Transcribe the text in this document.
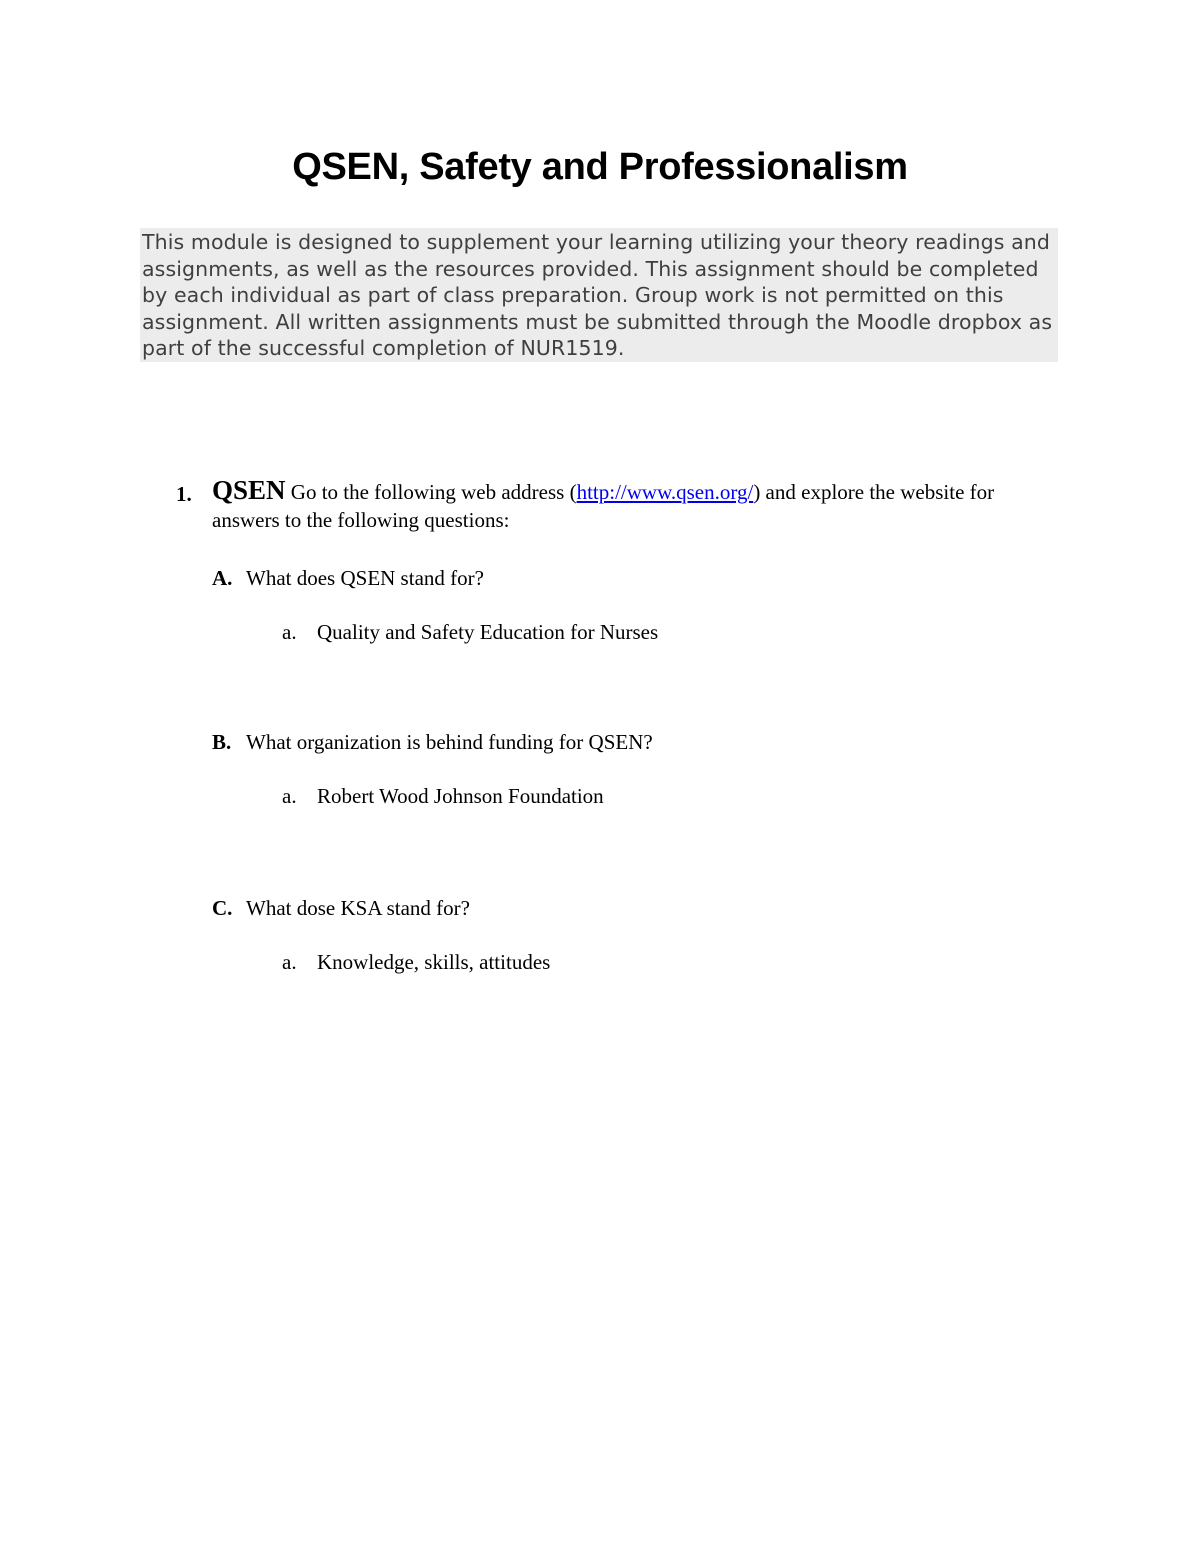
QSEN, Safety and Professionalism
This module is designed to supplement your learning utilizing your theory readings and assignments, as well as the resources provided. This assignment should be completed by each individual as part of class preparation. Group work is not permitted on this assignment. All written assignments must be submitted through the Moodle dropbox as part of the successful completion of NUR1519.
1. QSEN Go to the following web address (http://www.qsen.org/) and explore the website for answers to the following questions:
A. What does QSEN stand for?
a. Quality and Safety Education for Nurses
B. What organization is behind funding for QSEN?
a. Robert Wood Johnson Foundation
C. What dose KSA stand for?
a. Knowledge, skills, attitudes
